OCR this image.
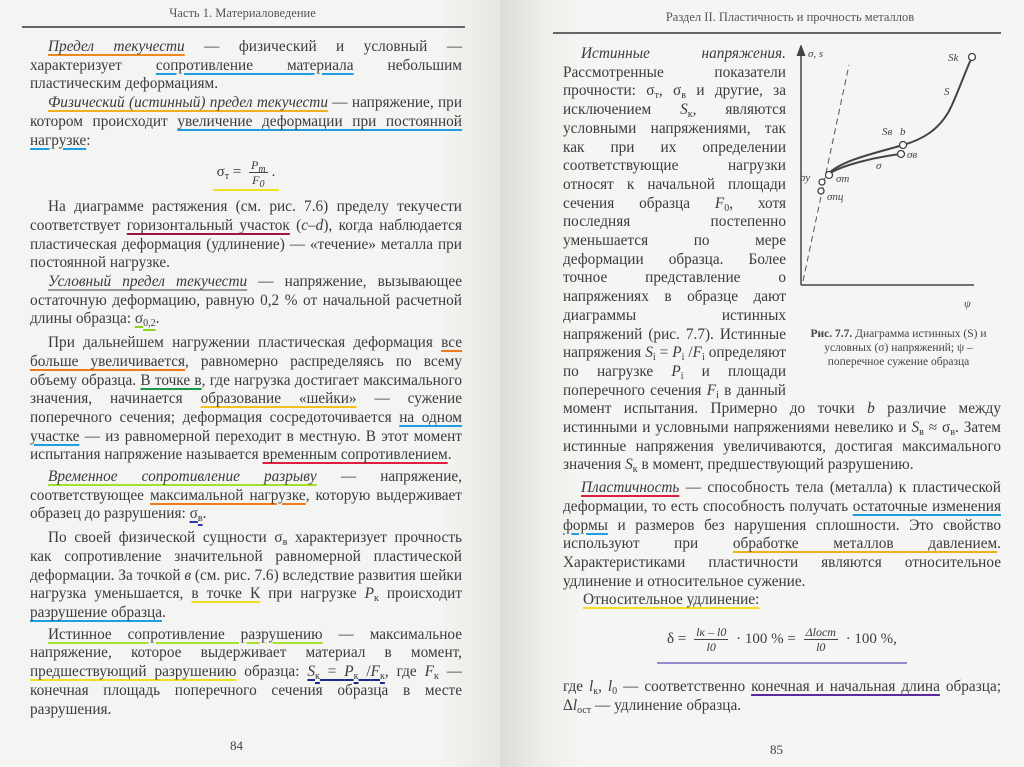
Часть 1. Материаловедение

Предел текучести — физический и условный — характеризует сопротивление материала небольшим пластическим деформациям.

Физический (истинный) предел текучести — напряжение, при котором происходит увеличение деформации при постоянной нагрузке:

$\sigma_т = \frac{P_т}{F_0}$ .

На диаграмме растяжения (см. рис. 7.6) пределу текучести соответствует горизонтальный участок (c–d), когда наблюдается пластическая деформация (удлинение) — «течение» металла при постоянной нагрузке.

Условный предел текучести — напряжение, вызывающее остаточную деформацию, равную 0,2 % от начальной расчетной длины образца: $\sigma_{0,2}$.

При дальнейшем нагружении пластическая деформация все больше увеличивается, равномерно распределяясь по всему объему образца. В точке в, где нагрузка достигает максимального значения, начинается образование «шейки» — сужение поперечного сечения; деформация сосредоточивается на одном участке — из равномерной переходит в местную. В этот момент испытания напряжение называется временным сопротивлением.

Временное сопротивление разрыву — напряжение, соответствующее максимальной нагрузке, которую выдерживает образец до разрушения: $\sigma_в$.

По своей физической сущности $\sigma_в$ характеризует прочность как сопротивление значительной равномерной пластической деформации. За точкой в (см. рис. 7.6) вследствие развития шейки нагрузка уменьшается, в точке К при нагрузке $P_к$ происходит разрушение образца.

Истинное сопротивление разрушению — максимальное напряжение, которое выдерживает материал в момент, предшествующий разрушению образца: $S_к = P_к$ $/F_к$, где $F_к$ — конечная площадь поперечного сечения образца в месте разрушения.

84
Раздел II. Пластичность и прочность металлов
σ, s
ψ
Sk
S
Sв b
σв
σ
σy σт
σпц
Рис. 7.7. Диаграмма истинных (S) и условных (σ) напряжений; ψ – поперечное сужение образца

Истинные напряжения. Рассмотренные показатели прочности: $\sigma_т$, $\sigma_в$ и другие, за исключением $S_к$, являются условными напряжениями, так как при их определении соответствующие нагрузки относят к начальной площади сечения образца $F_0$, хотя последняя постепенно уменьшается по мере деформации образца. Более точное представление о напряжениях в образце дают диаграммы истинных напряжений (рис. 7.7). Истинные напряжения $S_i = P_i$ $/F_i$ определяют по нагрузке $P_i$ и площади поперечного сечения $F_i$ в данный момент испытания. Примерно до точки b различие между истинными и условными напряжениями невелико и $S_в \approx \sigma_в$. Затем истинные напряжения увеличиваются, достигая максимального значения $S_к$ в момент, предшествующий разрушению.

Пластичность — способность тела (металла) к пластической деформации, то есть способность получать остаточные изменения формы и размеров без нарушения сплошности. Это свойство используют при обработке металлов давлением. Характеристиками пластичности являются относительное удлинение и относительное сужение.

Относительное удлинение:

$\delta = \frac{lк - l0}{l0} \cdot 100$ % = $\frac{\text{Δlост}}{l0} \cdot 100$ %,

где $l_к$, $l_0$ — соответственно конечная и начальная длина образца; $\Delta l_{ост}$ — удлинение образца.

85
